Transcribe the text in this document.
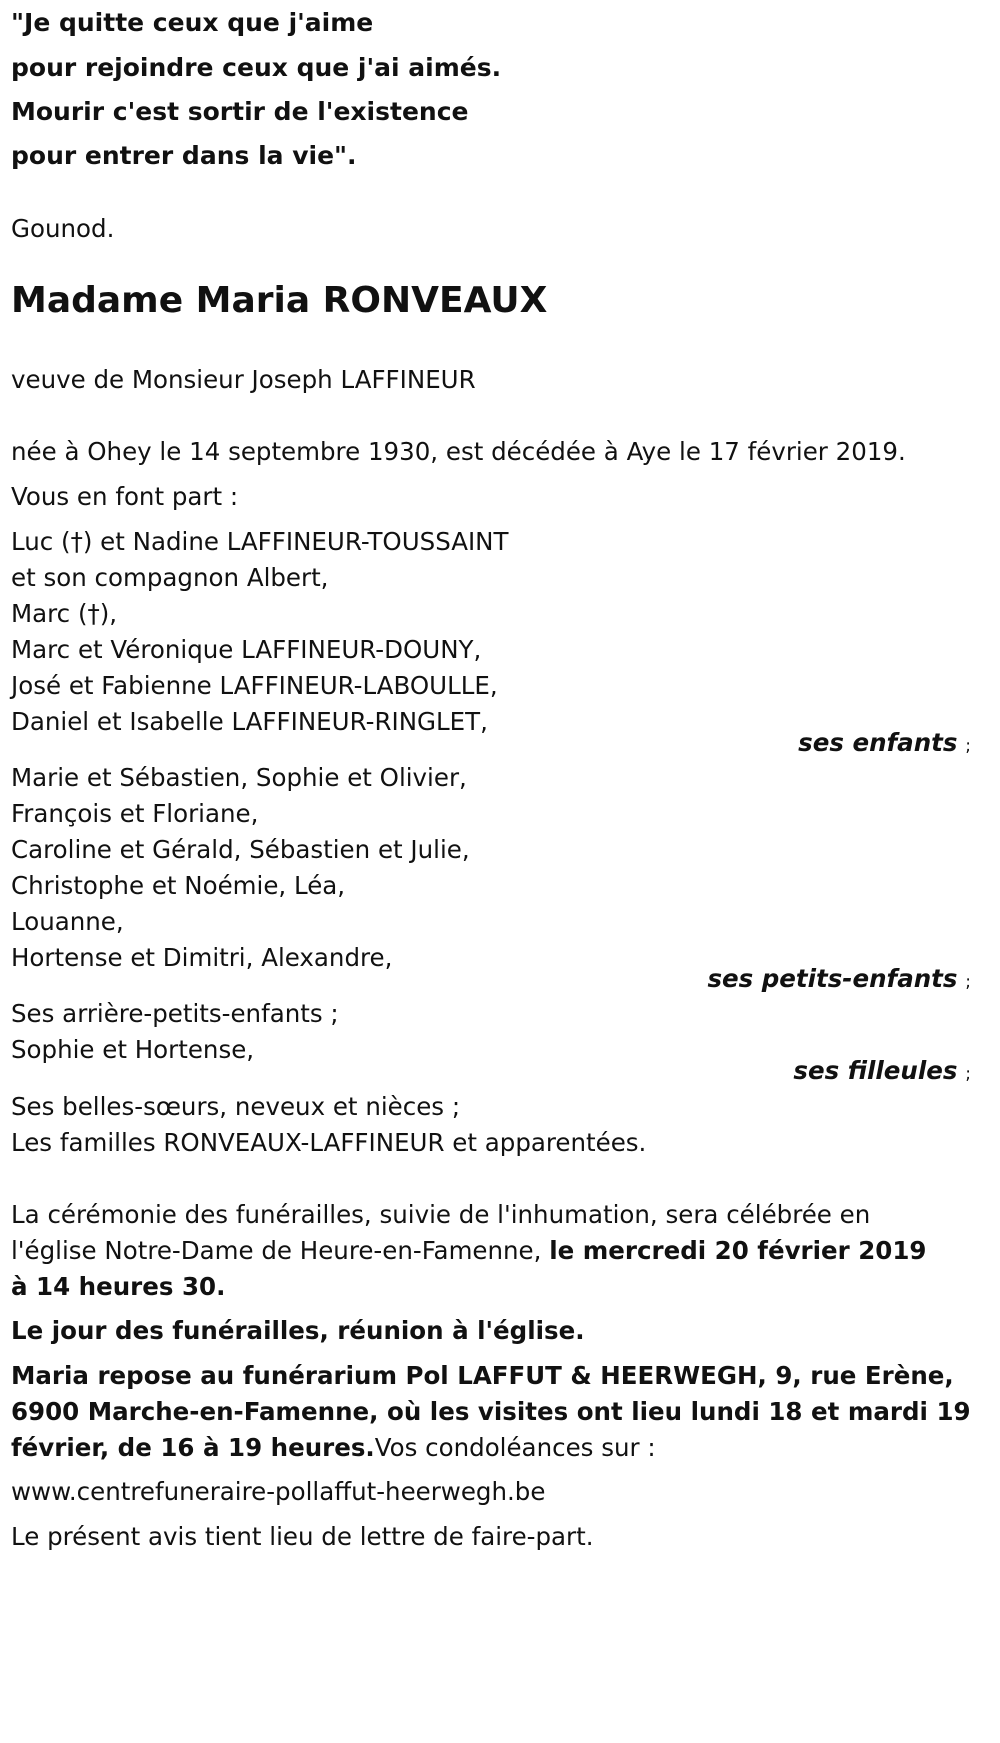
"Je quitte ceux que j'aime
pour rejoindre ceux que j'ai aimés.
Mourir c'est sortir de l'existence
pour entrer dans la vie".
Gounod.
Madame Maria RONVEAUX
veuve de Monsieur Joseph LAFFINEUR
née à Ohey le 14 septembre 1930, est décédée à Aye le 17 février 2019.
Vous en font part :
Luc (†) et Nadine LAFFINEUR-TOUSSAINT
et son compagnon Albert,
Marc (†),
Marc et Véronique LAFFINEUR-DOUNY,
José et Fabienne LAFFINEUR-LABOULLE,
Daniel et Isabelle LAFFINEUR-RINGLET,
ses enfants ;
Marie et Sébastien, Sophie et Olivier,
François et Floriane,
Caroline et Gérald, Sébastien et Julie,
Christophe et Noémie, Léa,
Louanne,
Hortense et Dimitri, Alexandre,
ses petits-enfants ;
Ses arrière-petits-enfants ;
Sophie et Hortense,
ses filleules ;
Ses belles-sœurs, neveux et nièces ;
Les familles RONVEAUX-LAFFINEUR et apparentées.
La cérémonie des funérailles, suivie de l'inhumation, sera célébrée en
l'église Notre-Dame de Heure-en-Famenne, le mercredi 20 février 2019
à 14 heures 30.
Le jour des funérailles, réunion à l'église.
Maria repose au funérarium Pol LAFFUT & HEERWEGH, 9, rue Erène,
6900 Marche-en-Famenne, où les visites ont lieu lundi 18 et mardi 19
février, de 16 à 19 heures.Vos condoléances sur :
www.centrefuneraire-pollaffut-heerwegh.be
Le présent avis tient lieu de lettre de faire-part.
